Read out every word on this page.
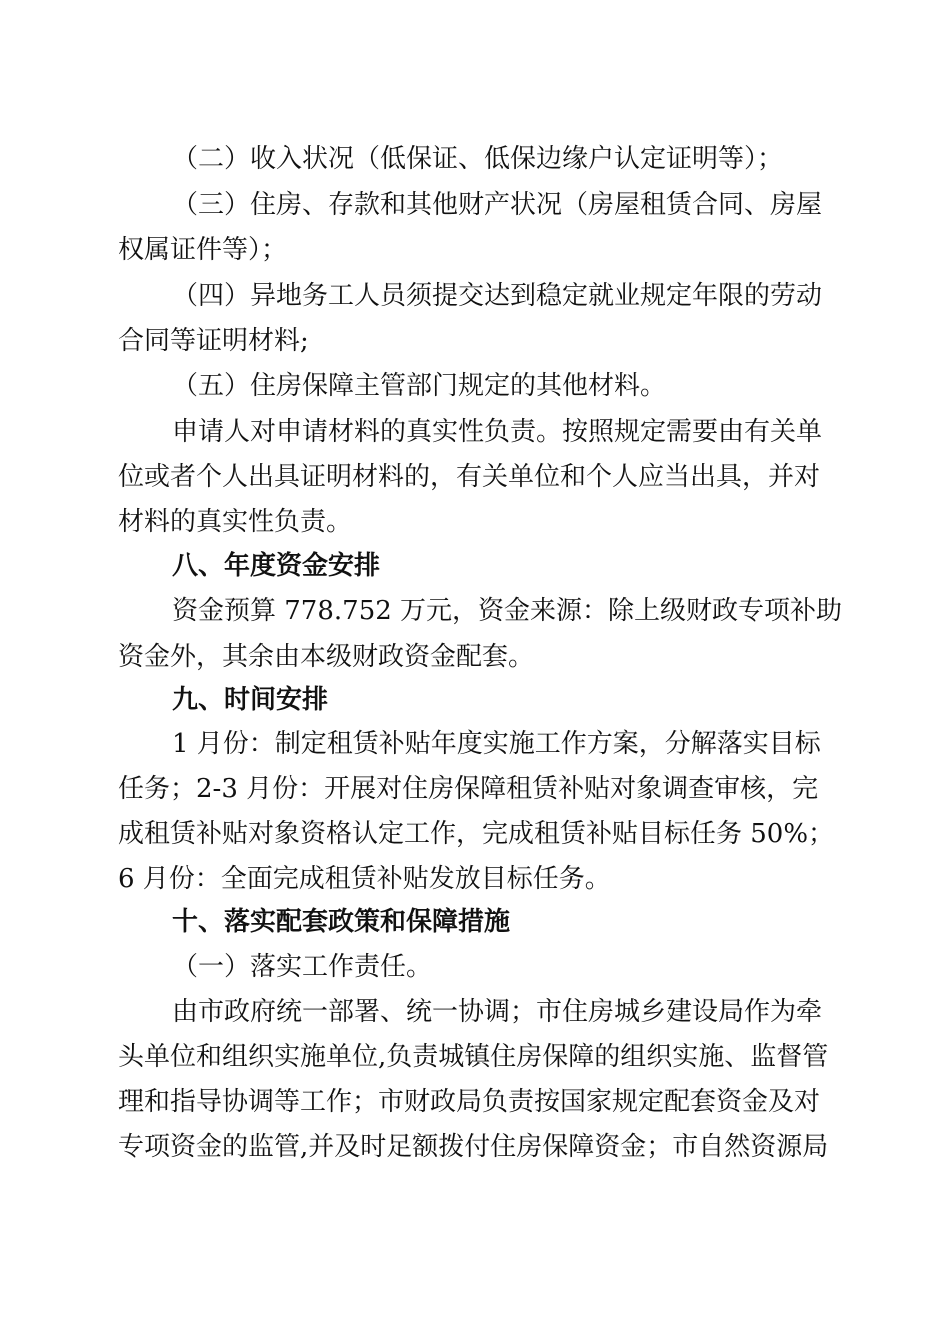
（二）收入状况（低保证、低保边缘户认定证明等）；

（三）住房、存款和其他财产状况（房屋租赁合同、房屋

权属证件等）；

（四）异地务工人员须提交达到稳定就业规定年限的劳动

合同等证明材料;

（五）住房保障主管部门规定的其他材料。

申请人对申请材料的真实性负责。按照规定需要由有关单

位或者个人出具证明材料的，有关单位和个人应当出具，并对

材料的真实性负责。

八、年度资金安排

资金预算 778.752 万元，资金来源：除上级财政专项补助

资金外，其余由本级财政资金配套。

九、时间安排

1 月份：制定租赁补贴年度实施工作方案，分解落实目标

任务；2-3 月份：开展对住房保障租赁补贴对象调查审核，完

成租赁补贴对象资格认定工作，完成租赁补贴目标任务 50%；

6 月份：全面完成租赁补贴发放目标任务。

十、落实配套政策和保障措施

（一）落实工作责任。

由市政府统一部署、统一协调；市住房城乡建设局作为牵

头单位和组织实施单位,负责城镇住房保障的组织实施、监督管

理和指导协调等工作；市财政局负责按国家规定配套资金及对

专项资金的监管,并及时足额拨付住房保障资金；市自然资源局
